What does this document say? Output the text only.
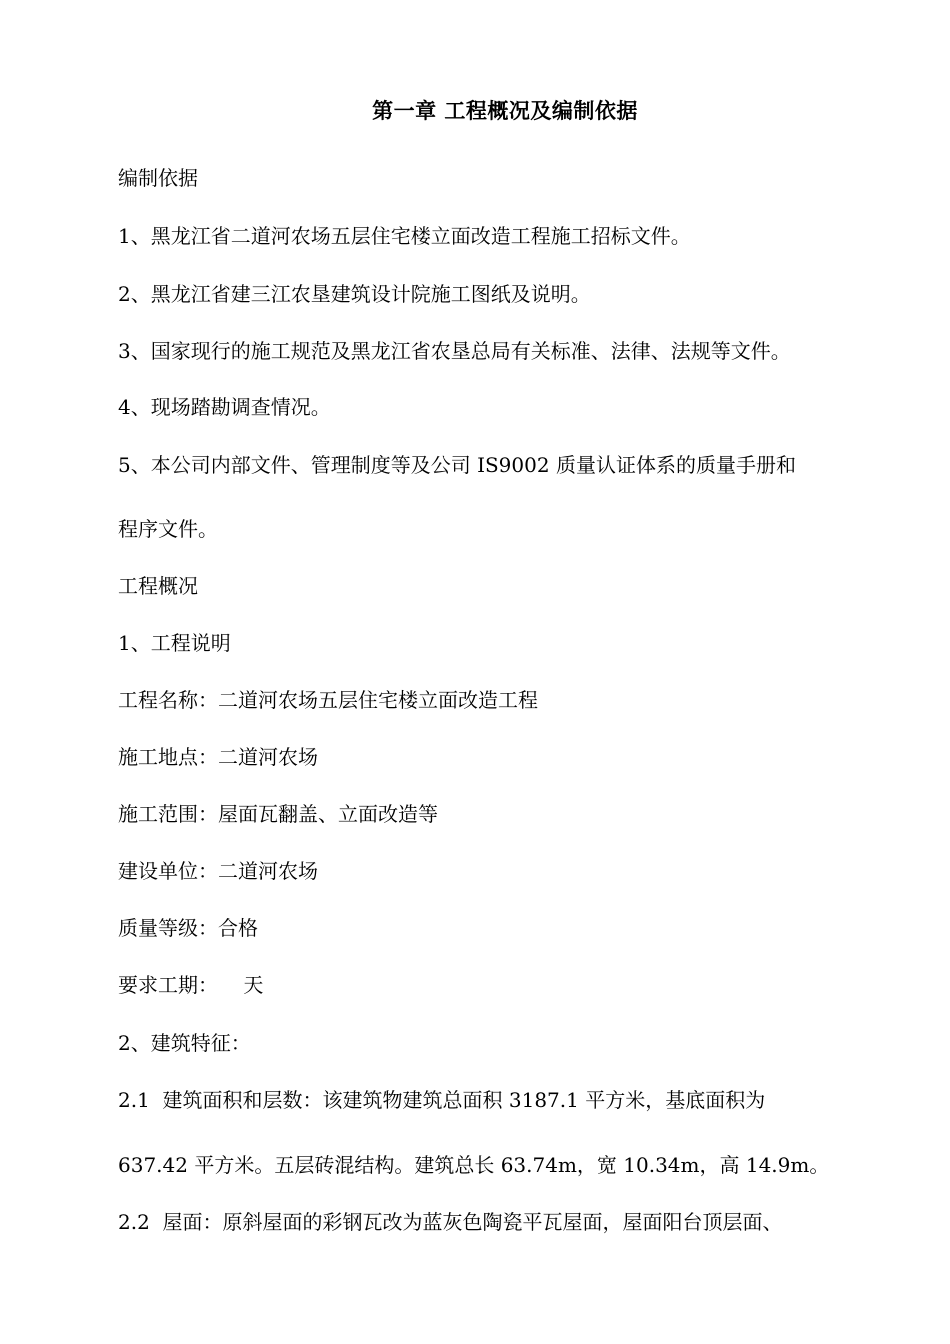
第一章 工程概况及编制依据
编制依据
1、黑龙江省二道河农场五层住宅楼立面改造工程施工招标文件。
2、黑龙江省建三江农垦建筑设计院施工图纸及说明。
3、国家现行的施工规范及黑龙江省农垦总局有关标准、法律、法规等文件。
4、现场踏勘调查情况。
5、本公司内部文件、管理制度等及公司 IS9002 质量认证体系的质量手册和
程序文件。
工程概况
1、工程说明
工程名称：二道河农场五层住宅楼立面改造工程
施工地点：二道河农场
施工范围：屋面瓦翻盖、立面改造等
建设单位：二道河农场
质量等级：合格
要求工期：    天
2、建筑特征：
2.1  建筑面积和层数：该建筑物建筑总面积 3187.1 平方米，基底面积为
637.42 平方米。五层砖混结构。建筑总长 63.74m，宽 10.34m，高 14.9m。
2.2  屋面：原斜屋面的彩钢瓦改为蓝灰色陶瓷平瓦屋面，屋面阳台顶层面、
